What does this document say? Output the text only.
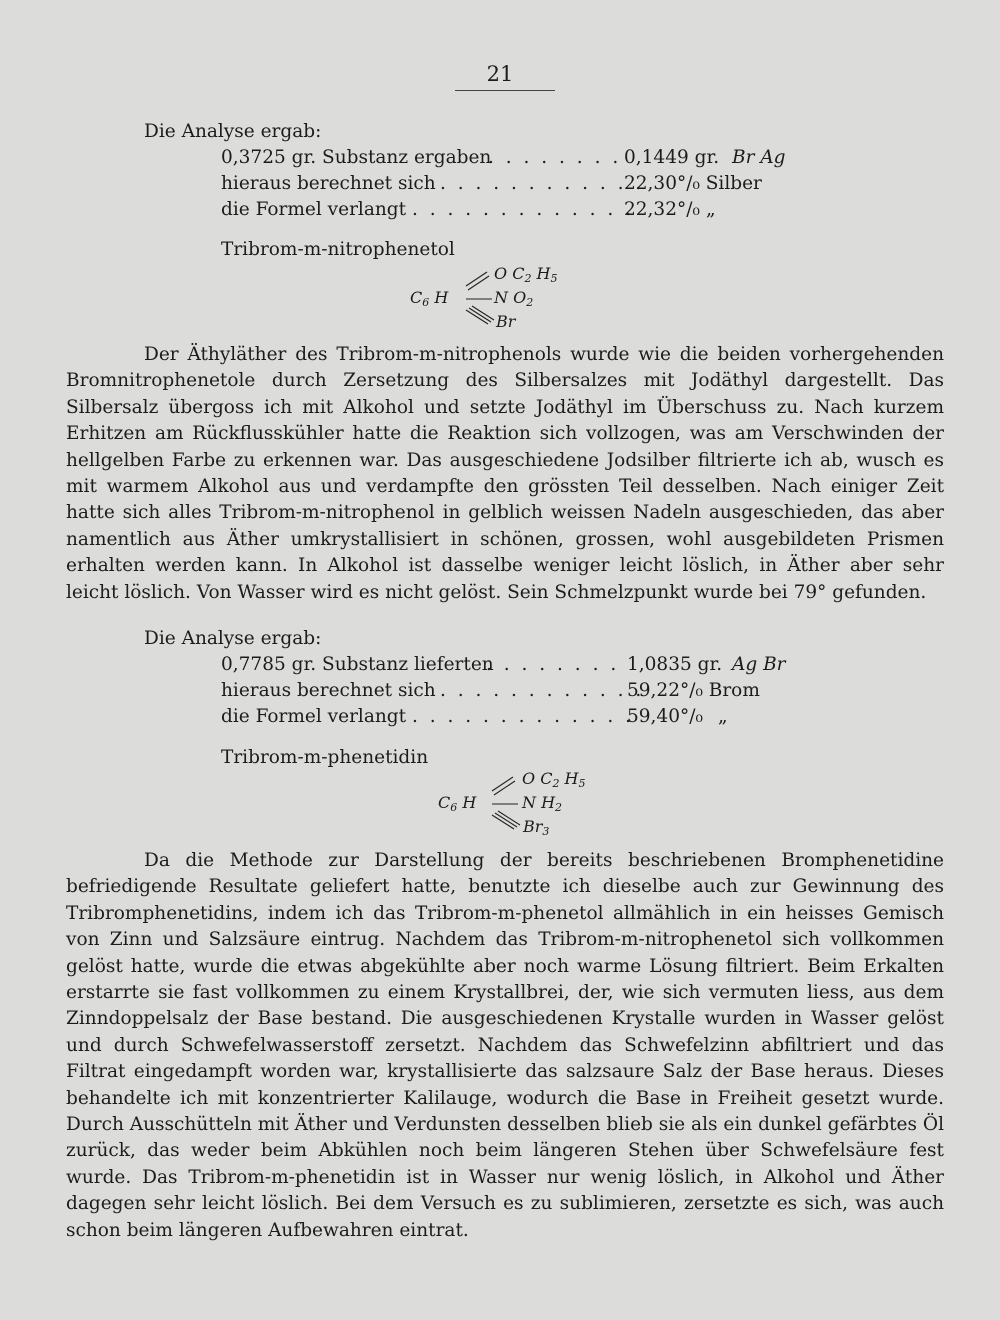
21
Die Analyse ergab:
0,3725 gr. Substanz ergaben
. . . . . . . . 0,1449 gr. Br Ag
hieraus berechnet sich . . . . . . . . . . . .
22,30°/₀ Silber
die Formel verlangt . . . . . . . . . . . . .
22,32°/₀ „
Tribrom-m-nitrophenetol
$C_6$ H
O $C_2$ $H_5$
N $O_2$
Br

Der Äthyläther des Tribrom-m-nitrophenols wurde wie die beiden vorhergehenden Bromnitrophenetole durch Zersetzung des Silbersalzes mit Jodäthyl dargestellt. Das Silbersalz übergoss ich mit Alkohol und setzte Jodäthyl im Überschuss zu. Nach kurzem Erhitzen am Rückflusskühler hatte die Reaktion sich vollzogen, was am Verschwinden der hellgelben Farbe zu erkennen war. Das ausgeschiedene Jodsilber filtrierte ich ab, wusch es mit warmem Alkohol aus und verdampfte den grössten Teil desselben. Nach einiger Zeit hatte sich alles Tribrom-m-nitrophenol in gelblich weissen Nadeln ausgeschieden, das aber namentlich aus Äther umkrystallisiert in schönen, grossen, wohl ausgebildeten Prismen erhalten werden kann. In Alkohol ist dasselbe weniger leicht löslich, in Äther aber sehr leicht löslich. Von Wasser wird es nicht gelöst. Sein Schmelzpunkt wurde bei 79° gefunden.

Die Analyse ergab:
0,7785 gr. Substanz lieferten
. . . . . . . . 1,0835 gr. Ag Br
hieraus berechnet sich . . . . . . . . . . . .
59,22°/₀ Brom
die Formel verlangt . . . . . . . . . . . . .
59,40°/₀ „
Tribrom-m-phenetidin
$C_6$ H
O $C_2$ $H_5$
N $H_2$
$Br_3$

Da die Methode zur Darstellung der bereits beschriebenen Bromphenetidine befriedigende Resultate geliefert hatte, benutzte ich dieselbe auch zur Gewinnung des Tribromphenetidins, indem ich das Tribrom-m-phenetol allmählich in ein heisses Gemisch von Zinn und Salzsäure eintrug. Nachdem das Tribrom-m-nitrophenetol sich vollkommen gelöst hatte, wurde die etwas abgekühlte aber noch warme Lösung filtriert. Beim Erkalten erstarrte sie fast vollkommen zu einem Krystallbrei, der, wie sich vermuten liess, aus dem Zinndoppelsalz der Base bestand. Die ausgeschiedenen Krystalle wurden in Wasser gelöst und durch Schwefelwasserstoff zersetzt. Nachdem das Schwefelzinn abfiltriert und das Filtrat eingedampft worden war, krystallisierte das salzsaure Salz der Base heraus. Dieses behandelte ich mit konzentrierter Kalilauge, wodurch die Base in Freiheit gesetzt wurde. Durch Ausschütteln mit Äther und Verdunsten desselben blieb sie als ein dunkel gefärbtes Öl zurück, das weder beim Abkühlen noch beim längeren Stehen über Schwefelsäure fest wurde. Das Tribrom-m-phenetidin ist in Wasser nur wenig löslich, in Alkohol und Äther dagegen sehr leicht löslich. Bei dem Versuch es zu sublimieren, zersetzte es sich, was auch schon beim längeren Aufbewahren eintrat.
